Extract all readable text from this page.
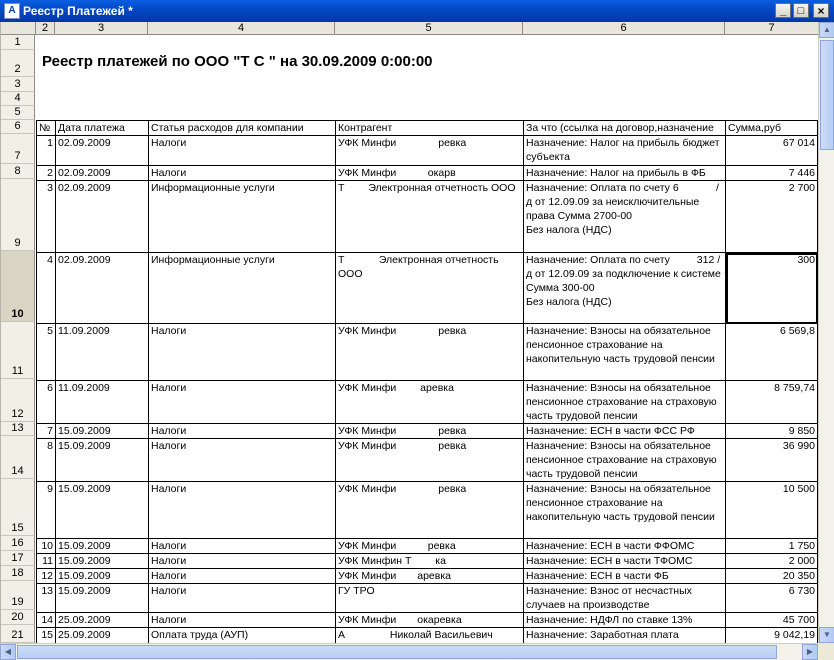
A Реестр Платежей *	_	□	×
2	3	4	5	6	7
1
2
3
4
5
6
7
8
9
10
11
12
13
14
15
16
17
18
19
20
21
Реестр платежей по ООО "Т С " на 30.09.2009 0:00:00
№	Дата платежа	Статья расходов для компании	Контрагент	За что (ссылка на договор,назначение	Сумма,руб
1	02.09.2009	Налоги	УФК Минфи    ревка	Назначение: Налог на прибыль бюджет субъекта	67 014
2	02.09.2009	Налоги	УФК Минфи   окарв	Назначение: Налог на прибыль в ФБ	7 446
3	02.09.2009	Информационные услуги	Т   Электронная отчетность ООО	Назначение: Оплата по счету 6     /д от 12.09.09 за неисключительные права Сумма 2700-00
Без налога (НДС)	2 700
4	02.09.2009	Информационные услуги	Т    Электронная отчетность ООО	Назначение: Оплата по счету    312 /д от 12.09.09 за подключение к системе
Сумма 300-00
Без налога (НДС)	300
5	11.09.2009	Налоги	УФК Минфи    ревка	Назначение: Взносы на обязательное пенсионное страхование на накопительную часть трудовой пенсии	6 569,8
6	11.09.2009	Налоги	УФК Минфи   аревка	Назначение: Взносы на обязательное пенсионное страхование на страховую часть трудовой пенсии	8 759,74
7	15.09.2009	Налоги	УФК Минфи    ревка	Назначение: ЕСН в части ФСС РФ	9 850
8	15.09.2009	Налоги	УФК Минфи    ревка	Назначение: Взносы на обязательное пенсионное страхование на страховую часть трудовой пенсии	36 990
9	15.09.2009	Налоги	УФК Минфи    ревка	Назначение: Взносы на обязательное пенсионное страхование на накопительную часть трудовой пенсии	10 500
10	15.09.2009	Налоги	УФК Минфи   ревка	Назначение: ЕСН в части ФФОМС	1 750
11	15.09.2009	Налоги	УФК Минфин Т   ка	Назначение: ЕСН в части ТФОМС	2 000
12	15.09.2009	Налоги	УФК Минфи  аревка	Назначение: ЕСН в части ФБ	20 350
13	15.09.2009	Налоги	ГУ ТРО	Назначение: Взнос от несчастных случаев на производстве	6 730
14	25.09.2009	Налоги	УФК Минфи  окаревка	Назначение: НДФЛ по ставке 13%	45 700
15	25.09.2009	Оплата труда (АУП)	А     Николай Васильевич	Назначение: Заработная плата	9 042,19
▲
▼
◀	▶
